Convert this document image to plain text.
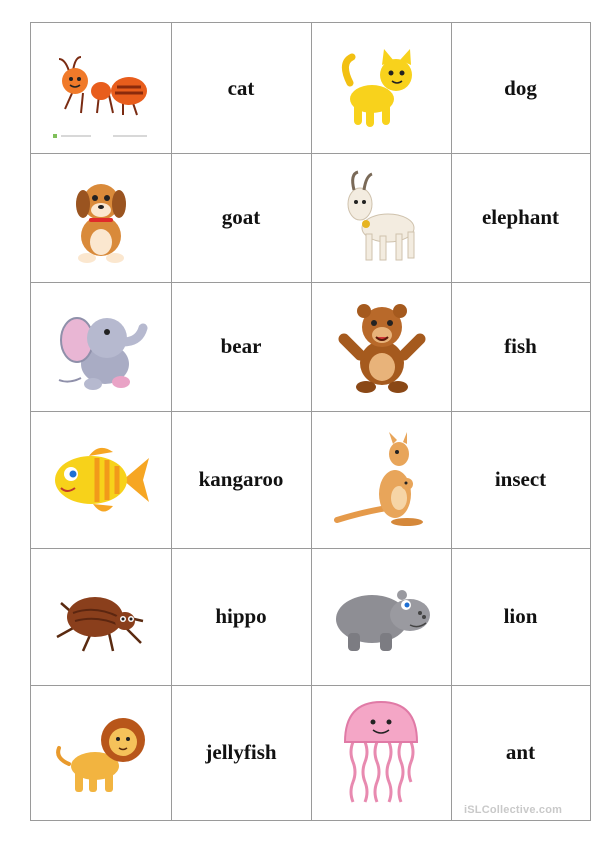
cat	dog
goat	elephant
bear	fish
kangaroo	insect
hippo	lion
jellyfish	ant
iSLCollective.com
